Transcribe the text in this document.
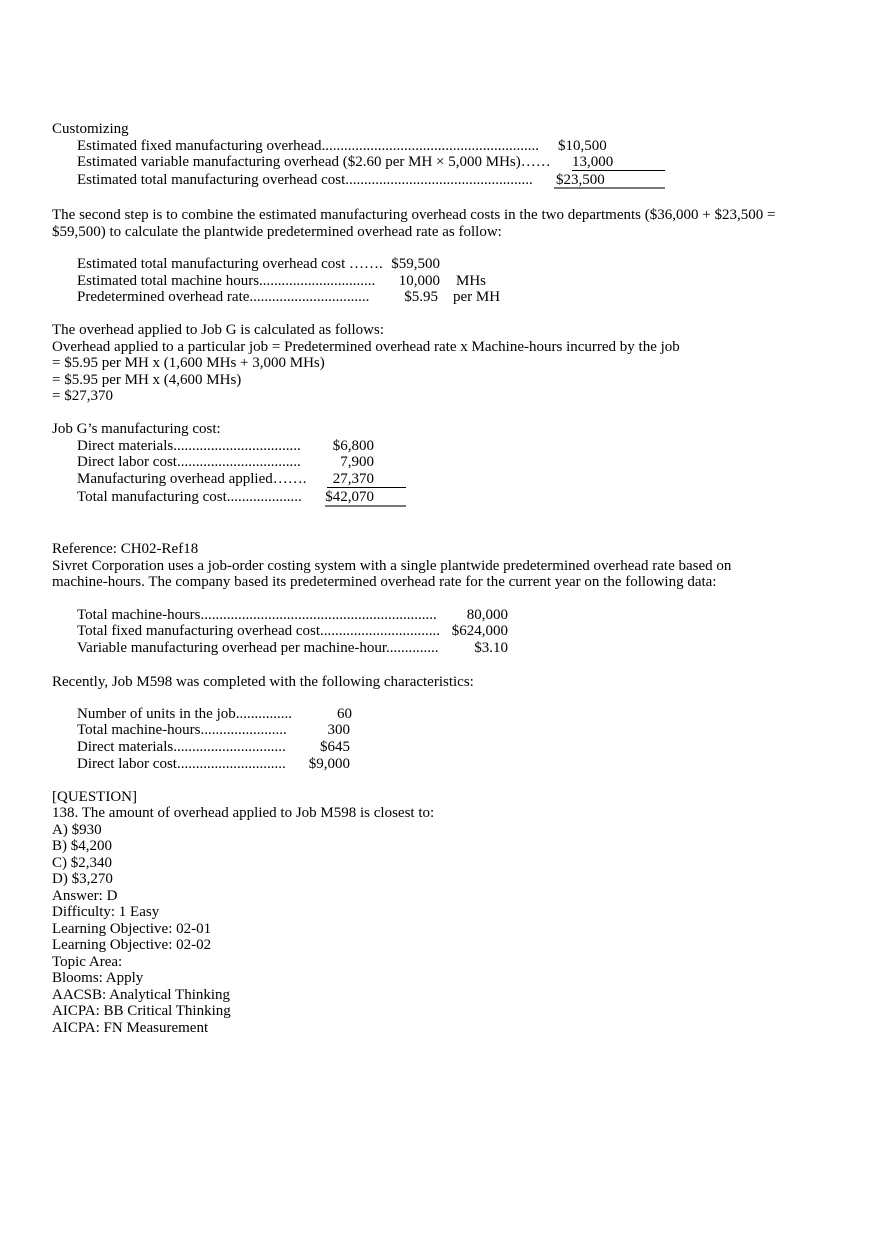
Customizing
Estimated fixed manufacturing overhead.......................................................... $10,500
Estimated variable manufacturing overhead ($2.60 per MH × 5,000 MHs)…… 13,000
Estimated total manufacturing overhead cost.................................................. $23,500
The second step is to combine the estimated manufacturing overhead costs in the two departments ($36,000 + $23,500 =
$59,500) to calculate the plantwide predetermined overhead rate as follow:
Estimated total manufacturing overhead cost ……. $59,500
Estimated total machine hours...............................	10,000 MHs
Predetermined overhead rate................................	$5.95 per MH
The overhead applied to Job G is calculated as follows:
Overhead applied to a particular job = Predetermined overhead rate x Machine-hours incurred by the job
= $5.95 per MH x (1,600 MHs + 3,000 MHs)
= $5.95 per MH x (4,600 MHs)
= $27,370
Job G’s manufacturing cost:
Direct materials..................................	$6,800
Direct labor cost.................................	7,900
Manufacturing overhead applied…….	27,370
Total manufacturing cost....................	$42,070
Reference: CH02-Ref18
Sivret Corporation uses a job-order costing system with a single plantwide predetermined overhead rate based on
machine-hours. The company based its predetermined overhead rate for the current year on the following data:
Total machine-hours...............................................................	80,000
Total fixed manufacturing overhead cost................................ $624,000
Variable manufacturing overhead per machine-hour..............	$3.10
Recently, Job M598 was completed with the following characteristics:
Number of units in the job...............	60
Total machine-hours.......................	300
Direct materials..............................	$645
Direct labor cost.............................	$9,000
[QUESTION]
138. The amount of overhead applied to Job M598 is closest to:
A) $930
B) $4,200
C) $2,340
D) $3,270
Answer: D
Difficulty: 1 Easy
Learning Objective: 02-01
Learning Objective: 02-02
Topic Area:
Blooms: Apply
AACSB: Analytical Thinking
AICPA: BB Critical Thinking
AICPA: FN Measurement
